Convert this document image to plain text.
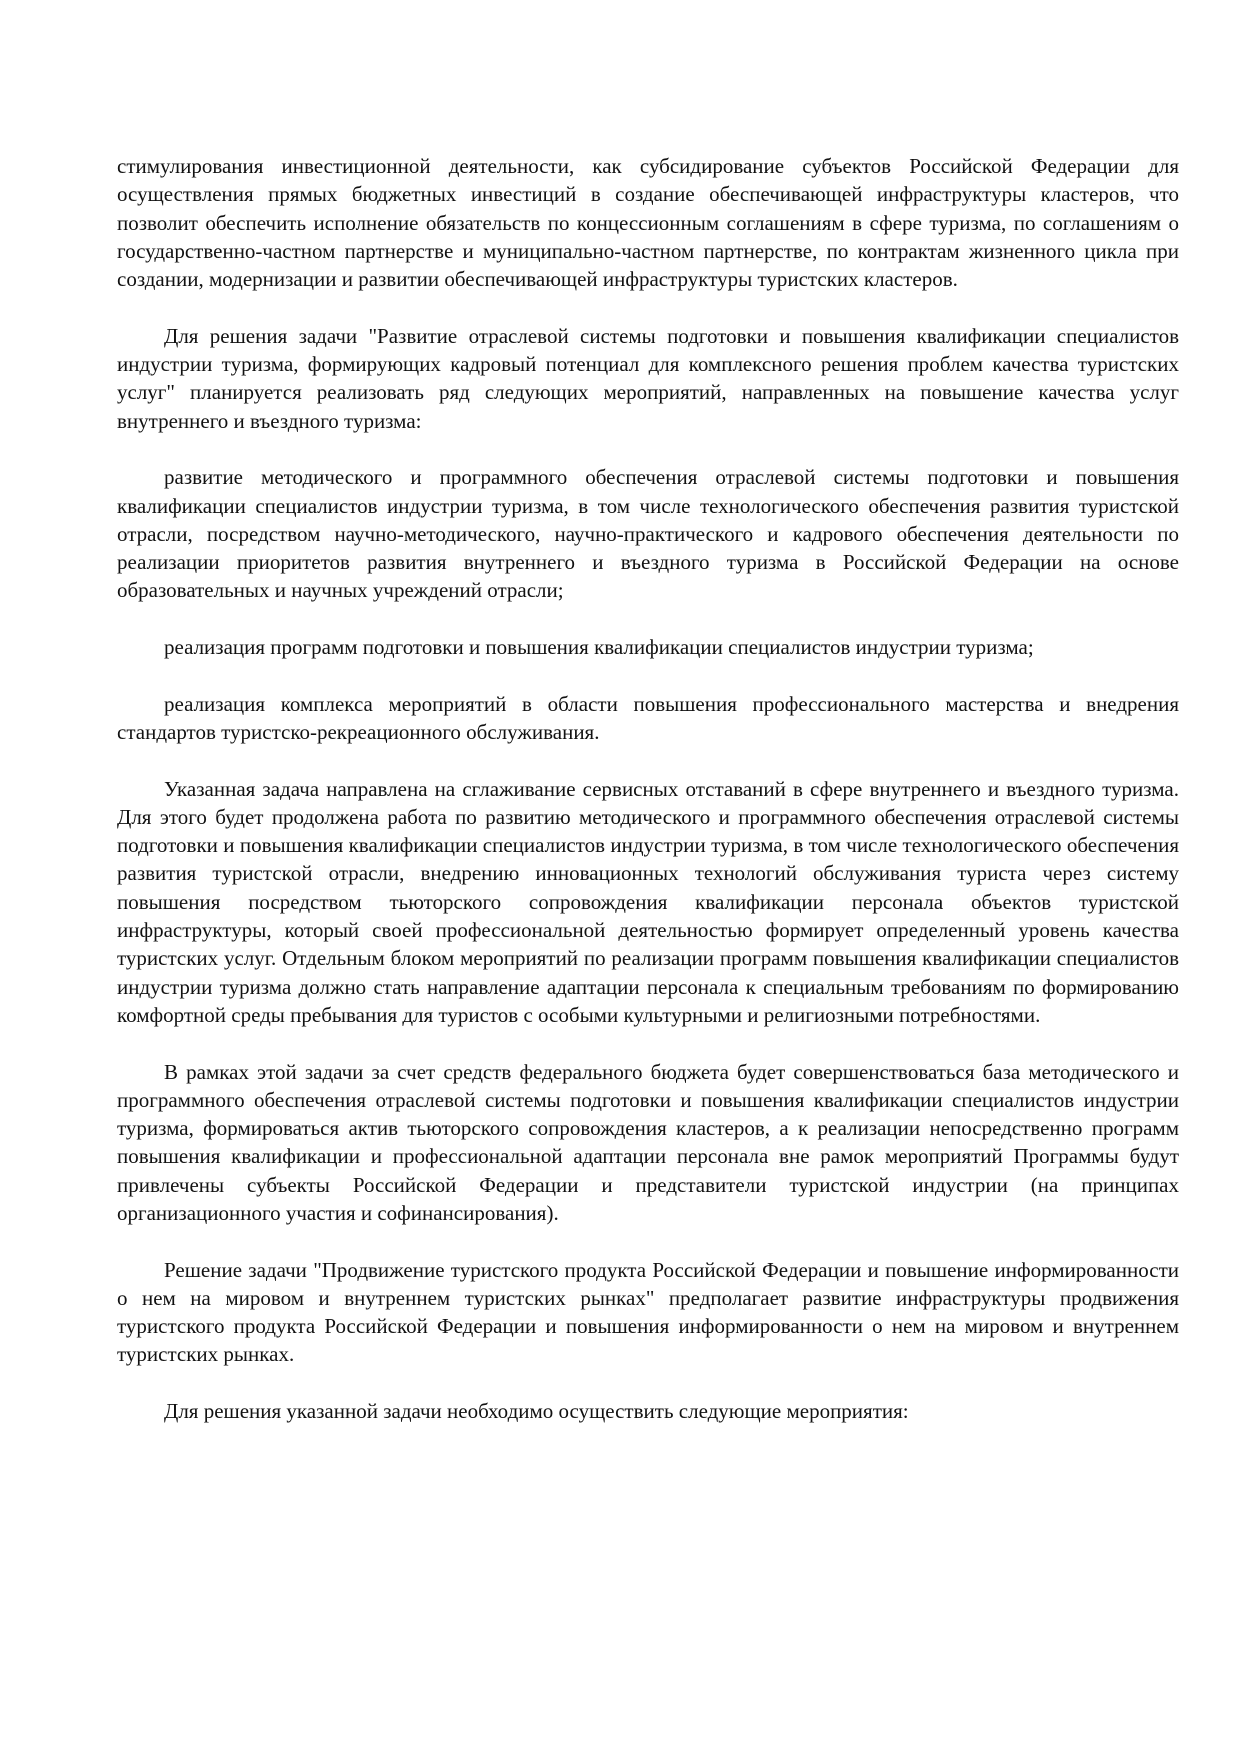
стимулирования инвестиционной деятельности, как субсидирование субъектов Российской Федерации для осуществления прямых бюджетных инвестиций в создание обеспечивающей инфраструктуры кластеров, что позволит обеспечить исполнение обязательств по концессионным соглашениям в сфере туризма, по соглашениям о государственно-частном партнерстве и муниципально-частном партнерстве, по контрактам жизненного цикла при создании, модернизации и развитии обеспечивающей инфраструктуры туристских кластеров.

Для решения задачи "Развитие отраслевой системы подготовки и повышения квалификации специалистов индустрии туризма, формирующих кадровый потенциал для комплексного решения проблем качества туристских услуг" планируется реализовать ряд следующих мероприятий, направленных на повышение качества услуг внутреннего и въездного туризма:

развитие методического и программного обеспечения отраслевой системы подготовки и повышения квалификации специалистов индустрии туризма, в том числе технологического обеспечения развития туристской отрасли, посредством научно-методического, научно-практического и кадрового обеспечения деятельности по реализации приоритетов развития внутреннего и въездного туризма в Российской Федерации на основе образовательных и научных учреждений отрасли;

реализация программ подготовки и повышения квалификации специалистов индустрии туризма;

реализация комплекса мероприятий в области повышения профессионального мастерства и внедрения стандартов туристско-рекреационного обслуживания.

Указанная задача направлена на сглаживание сервисных отставаний в сфере внутреннего и въездного туризма. Для этого будет продолжена работа по развитию методического и программного обеспечения отраслевой системы подготовки и повышения квалификации специалистов индустрии туризма, в том числе технологического обеспечения развития туристской отрасли, внедрению инновационных технологий обслуживания туриста через систему повышения посредством тьюторского сопровождения квалификации персонала объектов туристской инфраструктуры, который своей профессиональной деятельностью формирует определенный уровень качества туристских услуг. Отдельным блоком мероприятий по реализации программ повышения квалификации специалистов индустрии туризма должно стать направление адаптации персонала к специальным требованиям по формированию комфортной среды пребывания для туристов с особыми культурными и религиозными потребностями.

В рамках этой задачи за счет средств федерального бюджета будет совершенствоваться база методического и программного обеспечения отраслевой системы подготовки и повышения квалификации специалистов индустрии туризма, формироваться актив тьюторского сопровождения кластеров, а к реализации непосредственно программ повышения квалификации и профессиональной адаптации персонала вне рамок мероприятий Программы будут привлечены субъекты Российской Федерации и представители туристской индустрии (на принципах организационного участия и софинансирования).

Решение задачи "Продвижение туристского продукта Российской Федерации и повышение информированности о нем на мировом и внутреннем туристских рынках" предполагает развитие инфраструктуры продвижения туристского продукта Российской Федерации и повышения информированности о нем на мировом и внутреннем туристских рынках.

Для решения указанной задачи необходимо осуществить следующие мероприятия:
